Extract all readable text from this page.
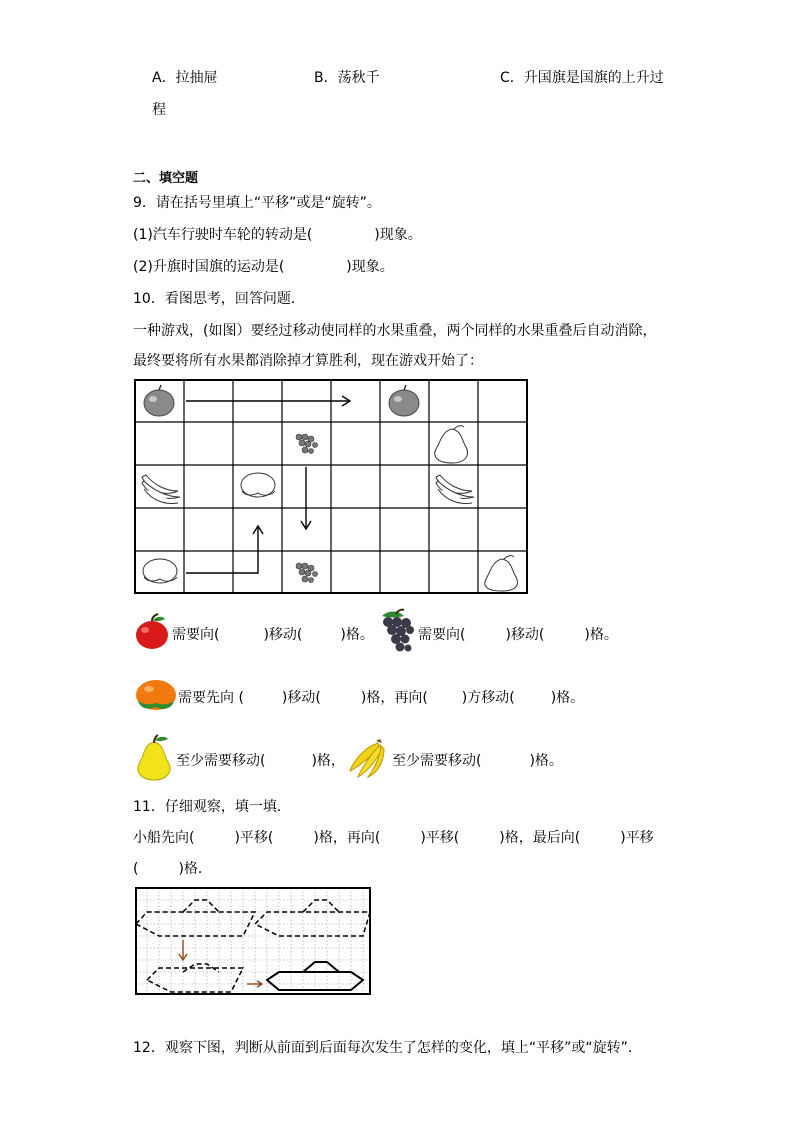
A．拉抽屉	B．荡秋千	C．升国旗是国旗的上升过
程
二、填空题
9．请在括号里填上“平移”或是“旋转”。
(1)汽车行驶时车轮的转动是(	)现象。
(2)升旗时国旗的运动是(	)现象。
10．看图思考，回答问题．
一种游戏，(如图）要经过移动使同样的水果重叠，两个同样的水果重叠后自动消除，
最终要将所有水果都消除掉才算胜利，现在游戏开始了：
需要向(	)移动(	)格。	需要向(	)移动(	)格。
需要先向 (	)移动(	)格，再向( )方移动(	)格。
至少需要移动(	)格，	至少需要移动(	)格。
11．仔细观察，填一填．
小船先向(	)平移(	)格，再向(	)平移(	)格，最后向(	)平移
(	)格．
12．观察下图，判断从前面到后面每次发生了怎样的变化，填上“平移”或“旋转”．
